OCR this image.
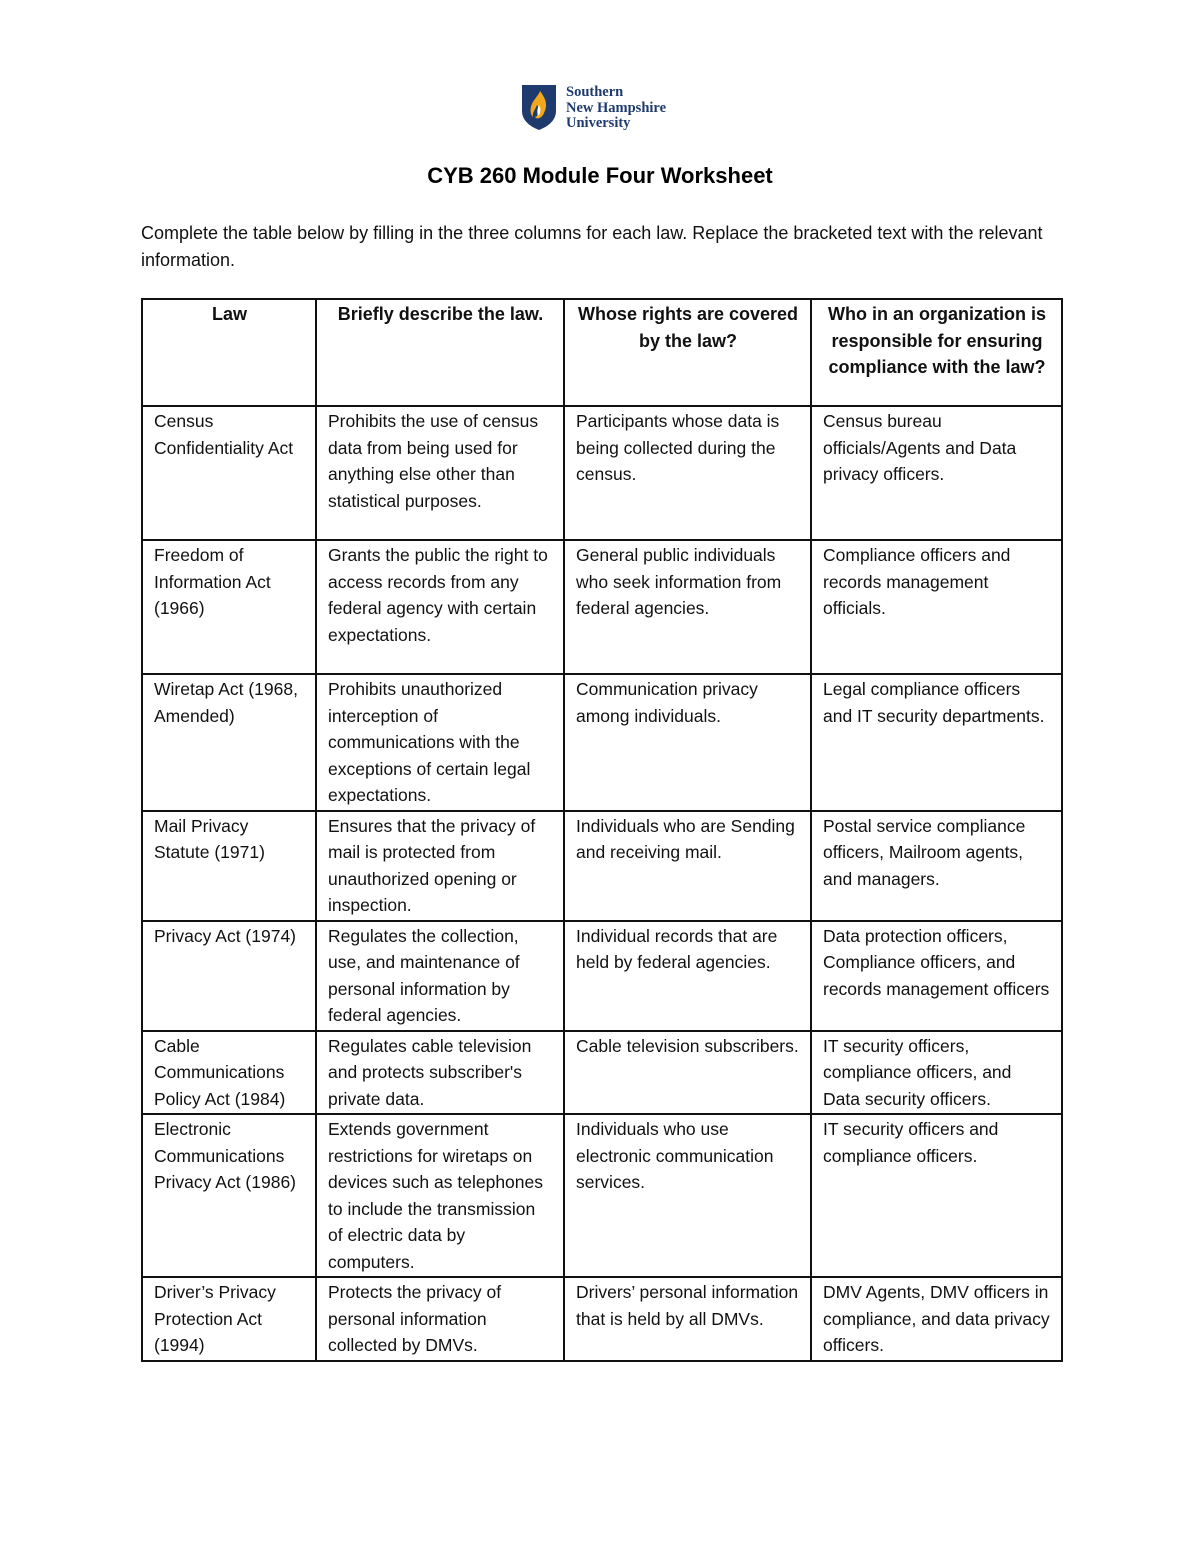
Southern
New Hampshire
University
CYB 260 Module Four Worksheet
Complete the table below by filling in the three columns for each law. Replace the bracketed text with the relevant information.
Law	Briefly describe the law.	Whose rights are covered by the law?	Who in an organization is responsible for ensuring compliance with the law?
Census Confidentiality Act	Prohibits the use of census data from being used for anything else other than statistical purposes.	Participants whose data is being collected during the census.	Census bureau officials/Agents and Data privacy officers.
Freedom of Information Act (1966)	Grants the public the right to access records from any federal agency with certain expectations.	General public individuals who seek information from federal agencies.	Compliance officers and records management officials.
Wiretap Act (1968, Amended)	Prohibits unauthorized interception of communications with the exceptions of certain legal expectations.	Communication privacy among individuals.	Legal compliance officers and IT security departments.
Mail Privacy Statute (1971)	Ensures that the privacy of mail is protected from unauthorized opening or inspection.	Individuals who are Sending and receiving mail.	Postal service compliance officers, Mailroom agents, and managers.
Privacy Act (1974)	Regulates the collection, use, and maintenance of personal information by federal agencies.	Individual records that are held by federal agencies.	Data protection officers, Compliance officers, and records management officers
Cable Communications Policy Act (1984)	Regulates cable television and protects subscriber's private data.	Cable television subscribers.	IT security officers, compliance officers, and Data security officers.
Electronic Communications Privacy Act (1986)	Extends government restrictions for wiretaps on devices such as telephones to include the transmission of electric data by computers.	Individuals who use electronic communication services.	IT security officers and compliance officers.
Driver’s Privacy Protection Act (1994)	Protects the privacy of personal information collected by DMVs.	Drivers’ personal information that is held by all DMVs.	DMV Agents, DMV officers in compliance, and data privacy officers.
